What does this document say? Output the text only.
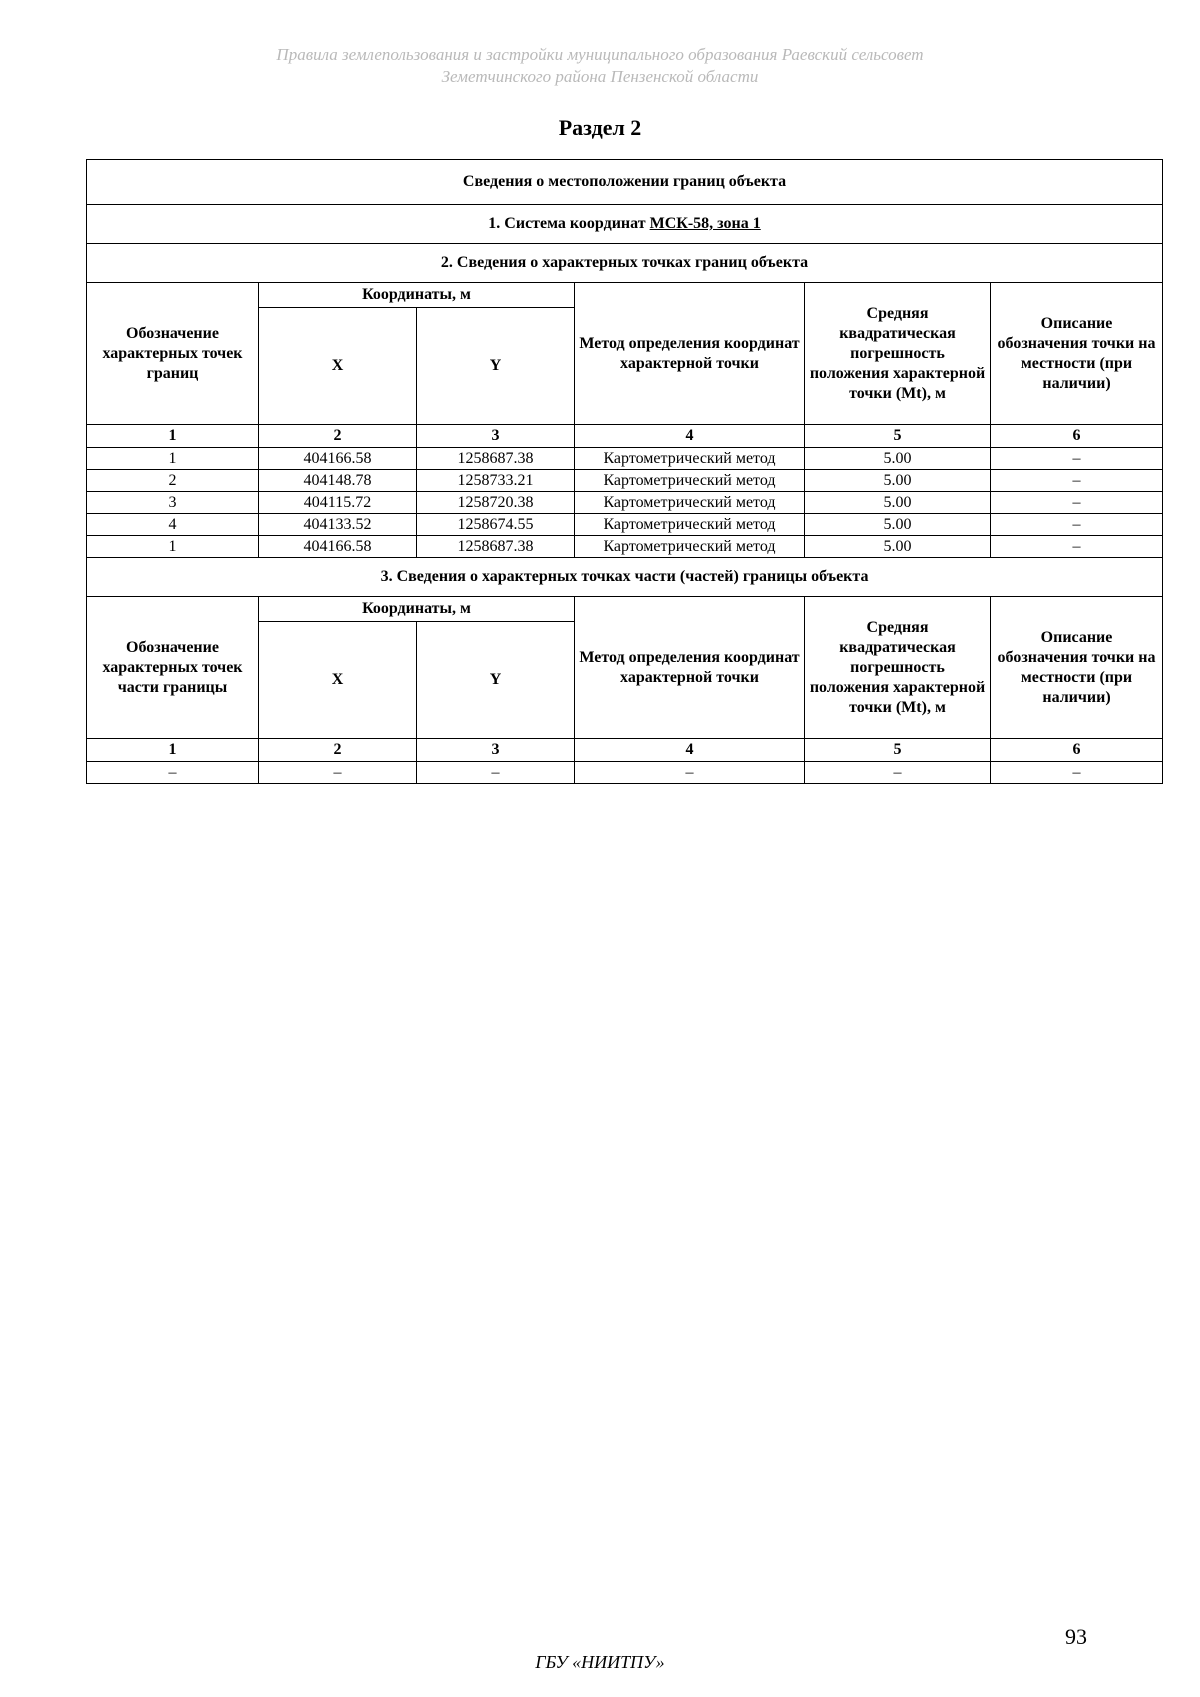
Правила землепользования и застройки муниципального образования Раевский сельсовет
Земетчинского района Пензенской области
Раздел 2
Сведения о местоположении границ объекта					
1. Система координат МСК-58, зона 1					
2. Сведения о характерных точках границ объекта					
Обозначение характерных точек границ	Координаты, м		Метод определения координат характерной точки	Средняя квадратическая погрешность положения характерной точки (Mt), м	Описание обозначения точки на местности (при наличии)
	X	Y			
1	2	3	4	5	6
1	404166.58	1258687.38	Картометрический метод	5.00	–
2	404148.78	1258733.21	Картометрический метод	5.00	–
3	404115.72	1258720.38	Картометрический метод	5.00	–
4	404133.52	1258674.55	Картометрический метод	5.00	–
1	404166.58	1258687.38	Картометрический метод	5.00	–
3. Сведения о характерных точках части (частей) границы объекта					
Обозначение характерных точек части границы	Координаты, м		Метод определения координат характерной точки	Средняя квадратическая погрешность положения характерной точки (Mt), м	Описание обозначения точки на местности (при наличии)
	X	Y			
1	2	3	4	5	6
–	–	–	–	–	–
93
ГБУ «НИИТПУ»
